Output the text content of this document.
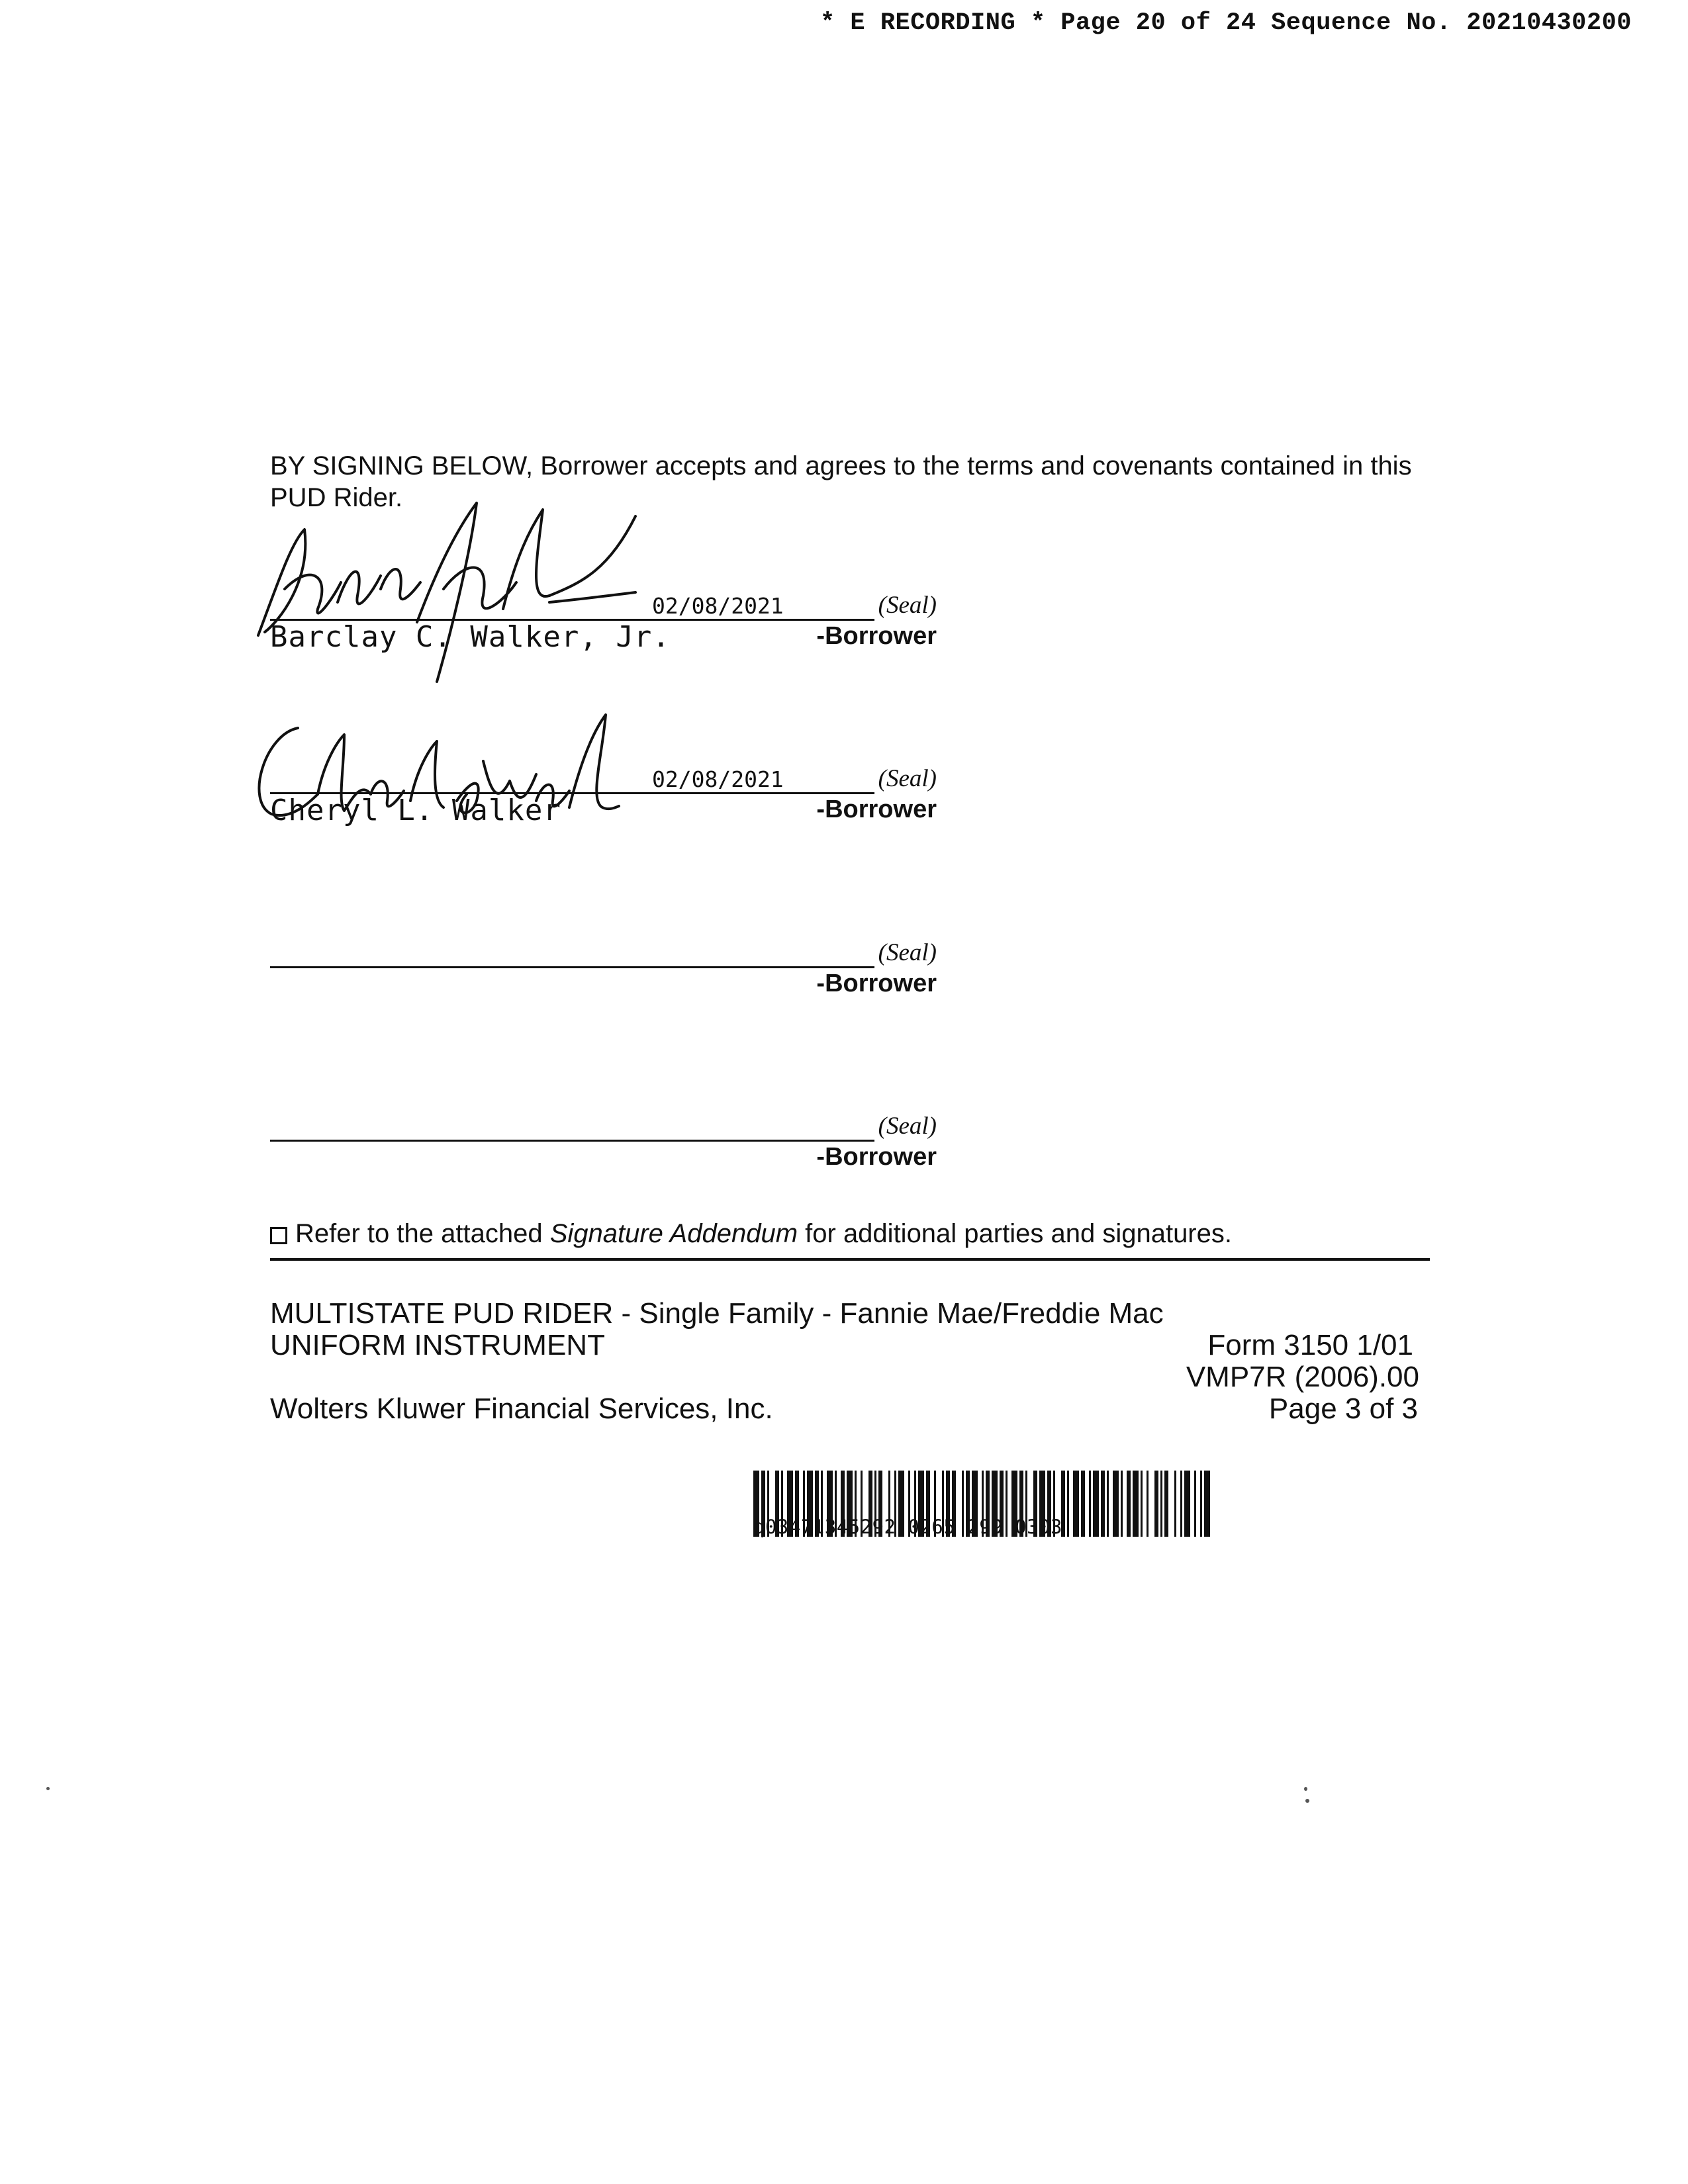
* E RECORDING * Page 20 of 24 Sequence No. 20210430200
BY SIGNING BELOW, Borrower accepts and agrees to the terms and covenants contained in this PUD Rider.
02/08/2021	(Seal)
Barclay C. Walker, Jr.	-Borrower
02/08/2021	(Seal)
Cheryl L. Walker	-Borrower
(Seal)
-Borrower
(Seal)
-Borrower
Refer to the attached Signature Addendum for additional parties and signatures.
MULTISTATE PUD RIDER - Single Family - Fannie Mae/Freddie Mac
UNIFORM INSTRUMENT	Form 3150 1/01
VMP7R (2006).00
Wolters Kluwer Financial Services, Inc.	Page 3 of 3
q03471345292 0265 299 0303
